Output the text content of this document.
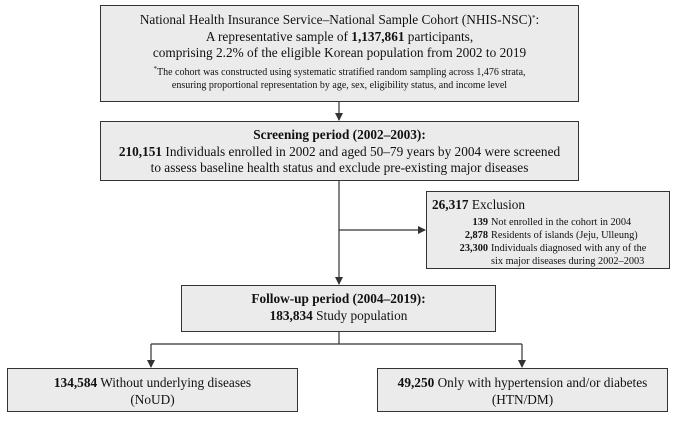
National Health Insurance Service–National Sample Cohort (NHIS-NSC)*:
A representative sample of 1,137,861 participants,
comprising 2.2% of the eligible Korean population from 2002 to 2019
*The cohort was constructed using systematic stratified random sampling across 1,476 strata,
ensuring proportional representation by age, sex, eligibility status, and income level
Screening period (2002–2003):
210,151 Individuals enrolled in 2002 and aged 50–79 years by 2004 were screened
to assess baseline health status and exclude pre-existing major diseases
26,317 Exclusion
139 Not enrolled in the cohort in 2004
2,878 Residents of islands (Jeju, Ulleung)
23,300 Individuals diagnosed with any of the
six major diseases during 2002–2003
Follow-up period (2004–2019):
183,834 Study population
134,584 Without underlying diseases
(NoUD)
49,250 Only with hypertension and/or diabetes
(HTN/DM)
